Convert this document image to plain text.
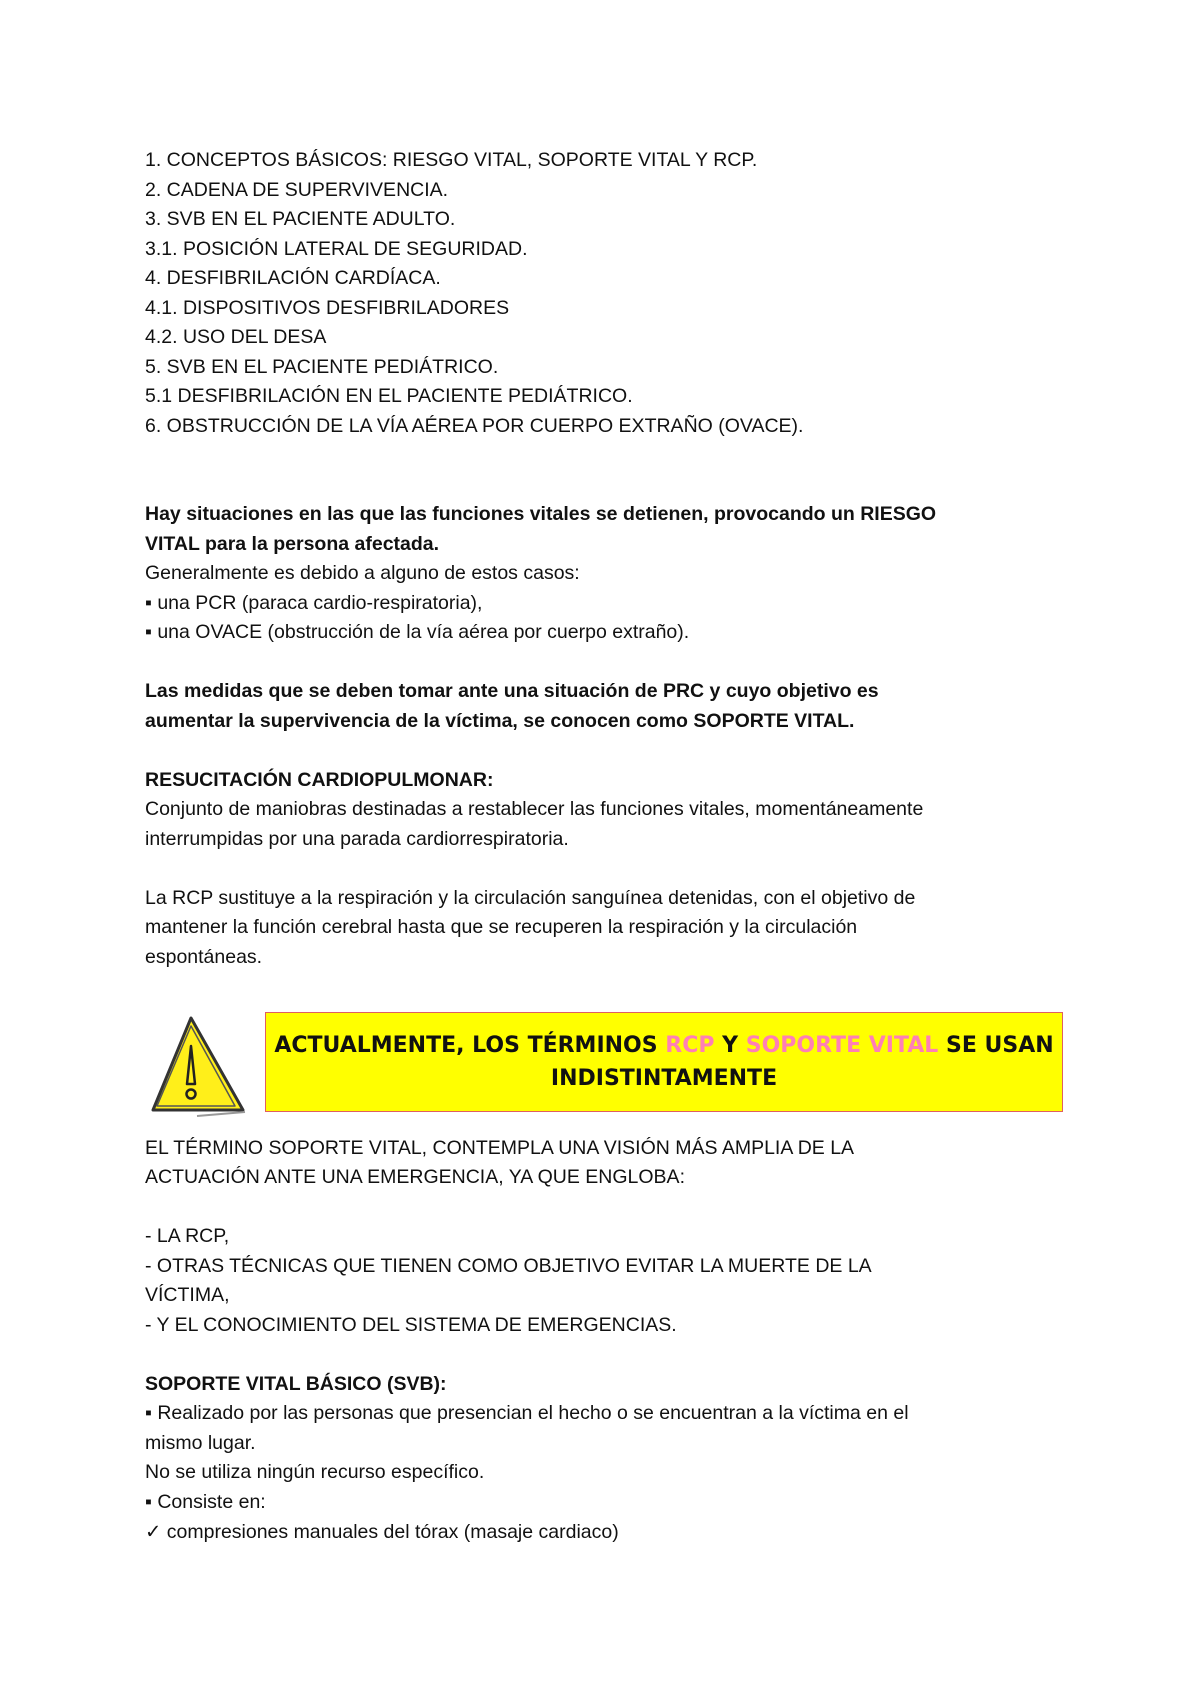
1. CONCEPTOS BÁSICOS: RIESGO VITAL, SOPORTE VITAL Y RCP.

2. CADENA DE SUPERVIVENCIA.

3. SVB EN EL PACIENTE ADULTO.

3.1. POSICIÓN LATERAL DE SEGURIDAD.

4. DESFIBRILACIÓN CARDÍACA.

4.1. DISPOSITIVOS DESFIBRILADORES

4.2. USO DEL DESA

5. SVB EN EL PACIENTE PEDIÁTRICO.

5.1 DESFIBRILACIÓN EN EL PACIENTE PEDIÁTRICO.

6. OBSTRUCCIÓN DE LA VÍA AÉREA POR CUERPO EXTRAÑO (OVACE).

Hay situaciones en las que las funciones vitales se detienen, provocando un RIESGO

VITAL para la persona afectada.

Generalmente es debido a alguno de estos casos:

▪ una PCR (paraca cardio-respiratoria),

▪ una OVACE (obstrucción de la vía aérea por cuerpo extraño).

Las medidas que se deben tomar ante una situación de PRC y cuyo objetivo es

aumentar la supervivencia de la víctima, se conocen como SOPORTE VITAL.

RESUCITACIÓN CARDIOPULMONAR:

Conjunto de maniobras destinadas a restablecer las funciones vitales, momentáneamente

interrumpidas por una parada cardiorrespiratoria.

La RCP sustituye a la respiración y la circulación sanguínea detenidas, con el objetivo de

mantener la función cerebral hasta que se recuperen la respiración y la circulación

espontáneas.

ACTUALMENTE, LOS TÉRMINOS RCP Y SOPORTE VITAL SE USAN
INDISTINTAMENTE

EL TÉRMINO SOPORTE VITAL, CONTEMPLA UNA VISIÓN MÁS AMPLIA DE LA

ACTUACIÓN ANTE UNA EMERGENCIA, YA QUE ENGLOBA:

- LA RCP,

- OTRAS TÉCNICAS QUE TIENEN COMO OBJETIVO EVITAR LA MUERTE DE LA

VÍCTIMA,

- Y EL CONOCIMIENTO DEL SISTEMA DE EMERGENCIAS.

SOPORTE VITAL BÁSICO (SVB):

▪ Realizado por las personas que presencian el hecho o se encuentran a la víctima en el

mismo lugar.

No se utiliza ningún recurso específico.

▪ Consiste en:

✓ compresiones manuales del tórax (masaje cardiaco)
